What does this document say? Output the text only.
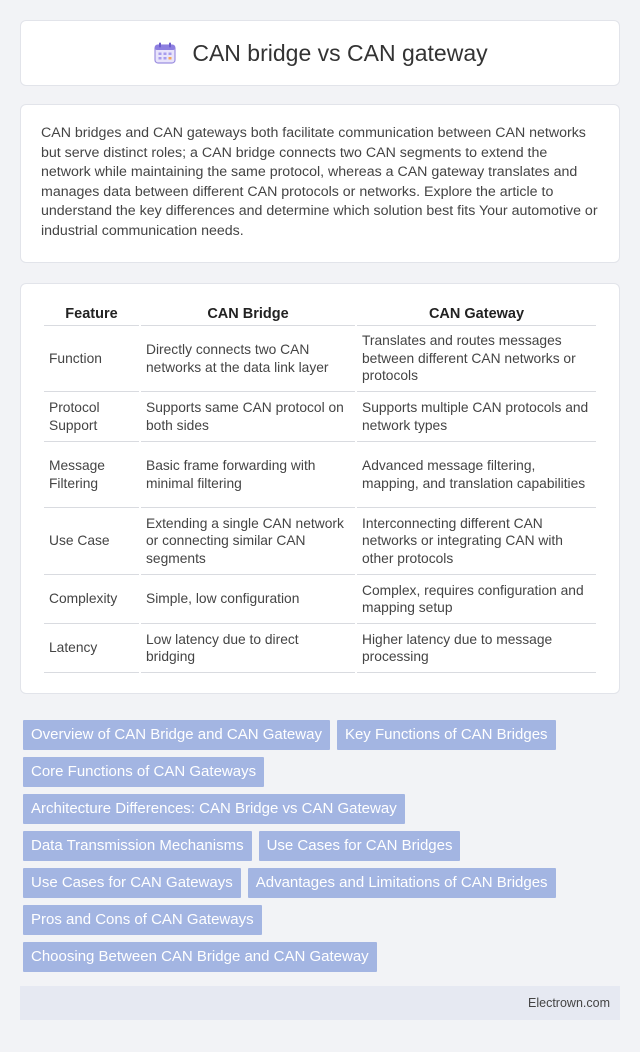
CAN bridge vs CAN gateway

CAN bridges and CAN gateways both facilitate communication between CAN networks but serve distinct roles; a CAN bridge connects two CAN segments to extend the network while maintaining the same protocol, whereas a CAN gateway translates and manages data between different CAN protocols or networks. Explore the article to understand the key differences and determine which solution best fits Your automotive or industrial communication needs.

Feature	CAN Bridge	CAN Gateway
Function	Directly connects two CAN networks at the data link layer	Translates and routes messages between different CAN networks or protocols
Protocol Support	Supports same CAN protocol on both sides	Supports multiple CAN protocols and network types
Message Filtering	Basic frame forwarding with minimal filtering	Advanced message filtering, mapping, and translation capabilities
Use Case	Extending a single CAN network or connecting similar CAN segments	Interconnecting different CAN networks or integrating CAN with other protocols
Complexity	Simple, low configuration	Complex, requires configuration and mapping setup
Latency	Low latency due to direct bridging	Higher latency due to message processing
Overview of CAN Bridge and CAN Gateway	Key Functions of CAN Bridges
Core Functions of CAN Gateways
Architecture Differences: CAN Bridge vs CAN Gateway
Data Transmission Mechanisms	Use Cases for CAN Bridges
Use Cases for CAN Gateways	Advantages and Limitations of CAN Bridges
Pros and Cons of CAN Gateways
Choosing Between CAN Bridge and CAN Gateway
Electrown.com
